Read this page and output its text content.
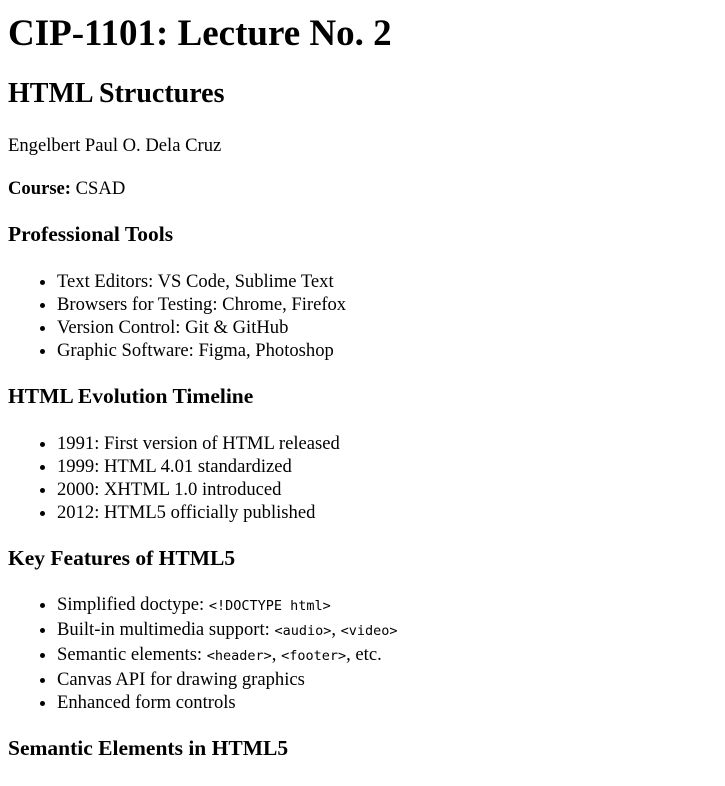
CIP-1101: Lecture No. 2
HTML Structures

Engelbert Paul O. Dela Cruz

Course: CSAD

Professional Tools
• Text Editors: VS Code, Sublime Text
• Browsers for Testing: Chrome, Firefox
• Version Control: Git & GitHub
• Graphic Software: Figma, Photoshop
HTML Evolution Timeline
• 1991: First version of HTML released
• 1999: HTML 4.01 standardized
• 2000: XHTML 1.0 introduced
• 2012: HTML5 officially published
Key Features of HTML5
• Simplified doctype: <!DOCTYPE html>
• Built-in multimedia support: <audio>, <video>
• Semantic elements: <header>, <footer>, etc.
• Canvas API for drawing graphics
• Enhanced form controls
Semantic Elements in HTML5
